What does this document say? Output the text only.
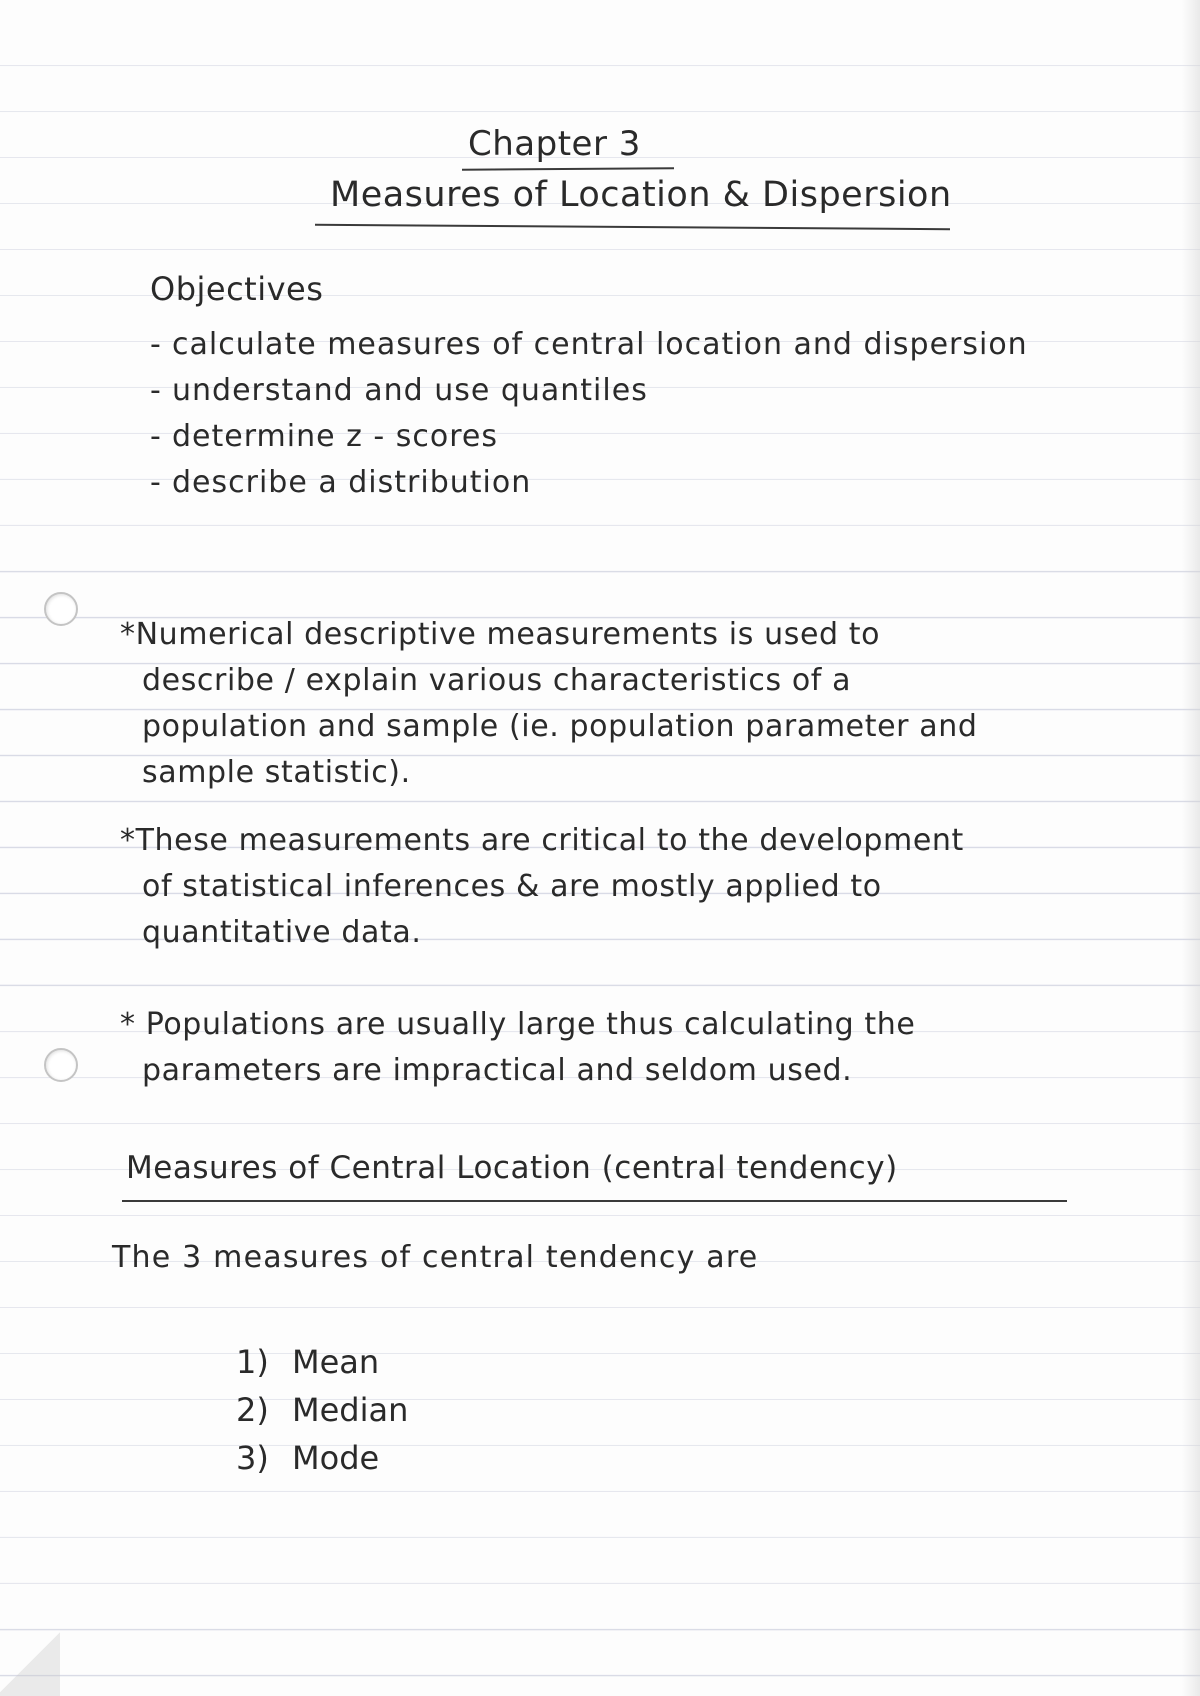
Chapter 3
Measures of Location & Dispersion
Objectives
- calculate measures of central location and dispersion
- understand and use quantiles
- determine z - scores
- describe a distribution

*Numerical descriptive measurements is used to
describe / explain various characteristics of a
population and sample (ie. population parameter and
sample statistic).

*These measurements are critical to the development
of statistical inferences & are mostly applied to
quantitative data.

* Populations are usually large thus calculating the
parameters are impractical and seldom used.

Measures of Central Location (central tendency)
The 3 measures of central tendency are
1) Mean
2) Median
3) Mode
